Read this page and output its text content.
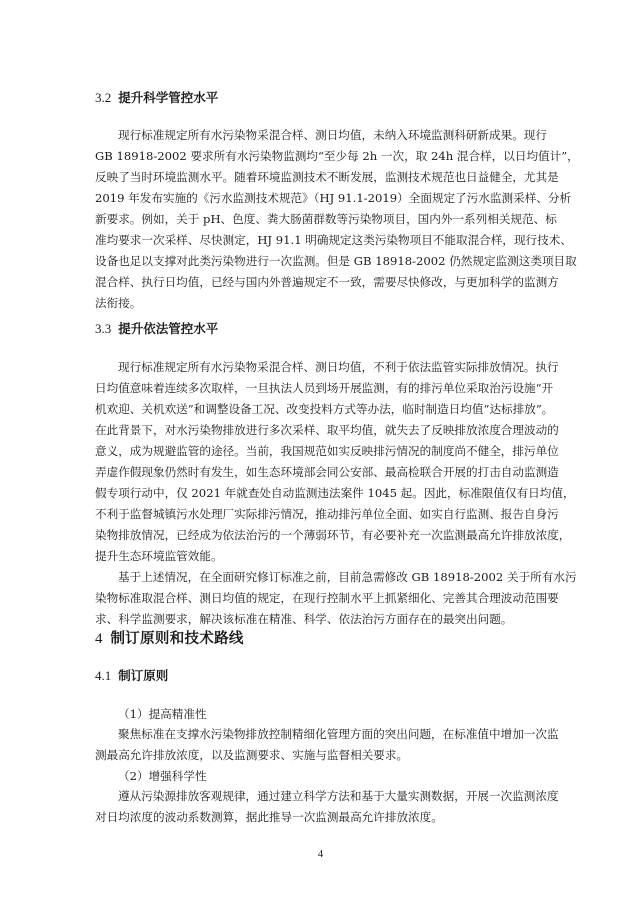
3.2 提升科学管控水平
现行标准规定所有水污染物采混合样、测日均值，未纳入环境监测科研新成果。现行
GB 18918-2002 要求所有水污染物监测均“至少每 2h 一次，取 24h 混合样，以日均值计”，
反映了当时环境监测水平。随着环境监测技术不断发展，监测技术规范也日益健全，尤其是
2019 年发布实施的《污水监测技术规范》（HJ 91.1-2019）全面规定了污水监测采样、分析
新要求。例如，关于 pH、色度、粪大肠菌群数等污染物项目，国内外一系列相关规范、标
准均要求一次采样、尽快测定，HJ 91.1 明确规定这类污染物项目不能取混合样，现行技术、
设备也足以支撑对此类污染物进行一次监测。但是 GB 18918-2002 仍然规定监测这类项目取
混合样、执行日均值，已经与国内外普遍规定不一致，需要尽快修改，与更加科学的监测方
法衔接。
3.3 提升依法管控水平
现行标准规定所有水污染物采混合样、测日均值，不利于依法监管实际排放情况。执行
日均值意味着连续多次取样，一旦执法人员到场开展监测，有的排污单位采取治污设施“开
机欢迎、关机欢送”和调整设备工况、改变投料方式等办法，临时制造日均值“达标排放”。
在此背景下，对水污染物排放进行多次采样、取平均值，就失去了反映排放浓度合理波动的
意义，成为规避监管的途径。当前，我国规范如实反映排污情况的制度尚不健全，排污单位
弄虚作假现象仍然时有发生，如生态环境部会同公安部、最高检联合开展的打击自动监测造
假专项行动中，仅 2021 年就查处自动监测违法案件 1045 起。因此，标准限值仅有日均值，
不利于监督城镇污水处理厂实际排污情况，推动排污单位全面、如实自行监测、报告自身污
染物排放情况，已经成为依法治污的一个薄弱环节，有必要补充一次监测最高允许排放浓度，
提升生态环境监管效能。
基于上述情况，在全面研究修订标准之前，目前急需修改 GB 18918-2002 关于所有水污
染物标准取混合样、测日均值的规定，在现行控制水平上抓紧细化、完善其合理波动范围要
求、科学监测要求，解决该标准在精准、科学、依法治污方面存在的最突出问题。
4 制订原则和技术路线
4.1 制订原则
（1）提高精准性
聚焦标准在支撑水污染物排放控制精细化管理方面的突出问题，在标准值中增加一次监
测最高允许排放浓度，以及监测要求、实施与监督相关要求。
（2）增强科学性
遵从污染源排放客观规律，通过建立科学方法和基于大量实测数据，开展一次监测浓度
对日均浓度的波动系数测算，据此推导一次监测最高允许排放浓度。
4
